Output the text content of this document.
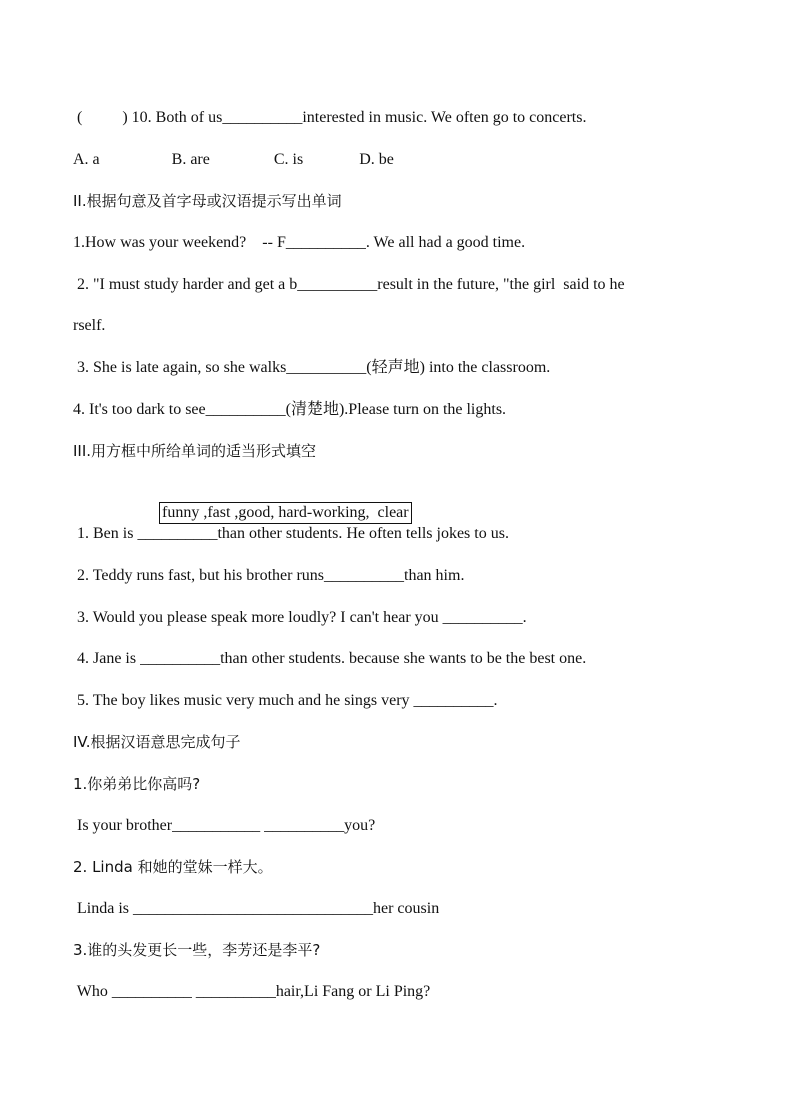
(          ) 10. Both of us__________interested in music. We often go to concerts.
A. a                  B. are                C. is              D. be
II.根据句意及首字母或汉语提示写出单词
1.How was your weekend?    -- F__________. We all had a good time.
2. "I must study harder and get a b__________result in the future, "the girl  said to he
rself.
3. She is late again, so she walks__________(轻声地) into the classroom.
4. It's too dark to see__________(清楚地).Please turn on the lights.
III.用方框中所给单词的适当形式填空

funny ,fast ,good, hard-working,  clear

1. Ben is __________than other students. He often tells jokes to us.
2. Teddy runs fast, but his brother runs__________than him.
3. Would you please speak more loudly? I can't hear you __________.
4. Jane is __________than other students. because she wants to be the best one.
5. The boy likes music very much and he sings very __________.
IV.根据汉语意思完成句子
1.你弟弟比你高吗?
Is your brother___________ __________you?
2. Linda 和她的堂妹一样大。
Linda is ______________________________her cousin
3.谁的头发更长一些，李芳还是李平?
Who __________ __________hair,Li Fang or Li Ping?
